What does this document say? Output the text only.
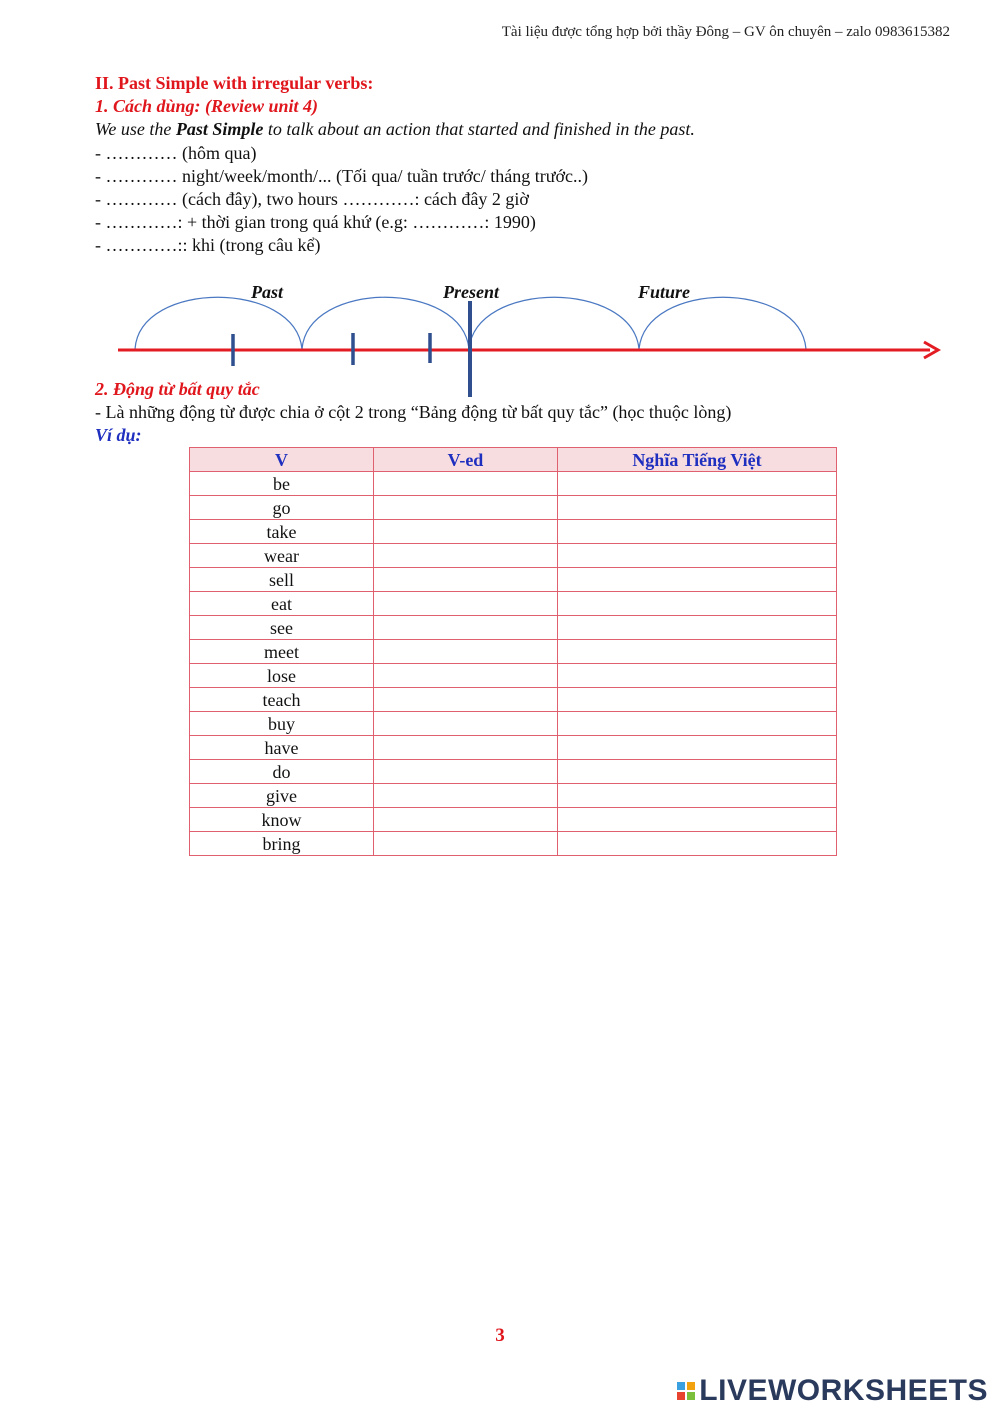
Tài liệu được tổng hợp bởi thầy Đông – GV ôn chuyên – zalo 0983615382
II. Past Simple with irregular verbs:
1. Cách dùng: (Review unit 4)
We use the Past Simple to talk about an action that started and finished in the past.
- ………… (hôm qua)
- ………… night/week/month/... (Tối qua/ tuần trước/ tháng trước..)
- ………… (cách đây), two hours …………: cách đây 2 giờ
- …………: + thời gian trong quá khứ (e.g: …………: 1990)
- …………:: khi (trong câu kể)
Past	Present	Future
2. Động từ bất quy tắc
- Là những động từ được chia ở cột 2 trong “Bảng động từ bất quy tắc” (học thuộc lòng)
Ví dụ:
V	V-ed	Nghĩa Tiếng Việt
be		
go		
take		
wear		
sell		
eat		
see		
meet		
lose		
teach		
buy		
have		
do		
give		
know		
bring		
3
LIVEWORKSHEETS
